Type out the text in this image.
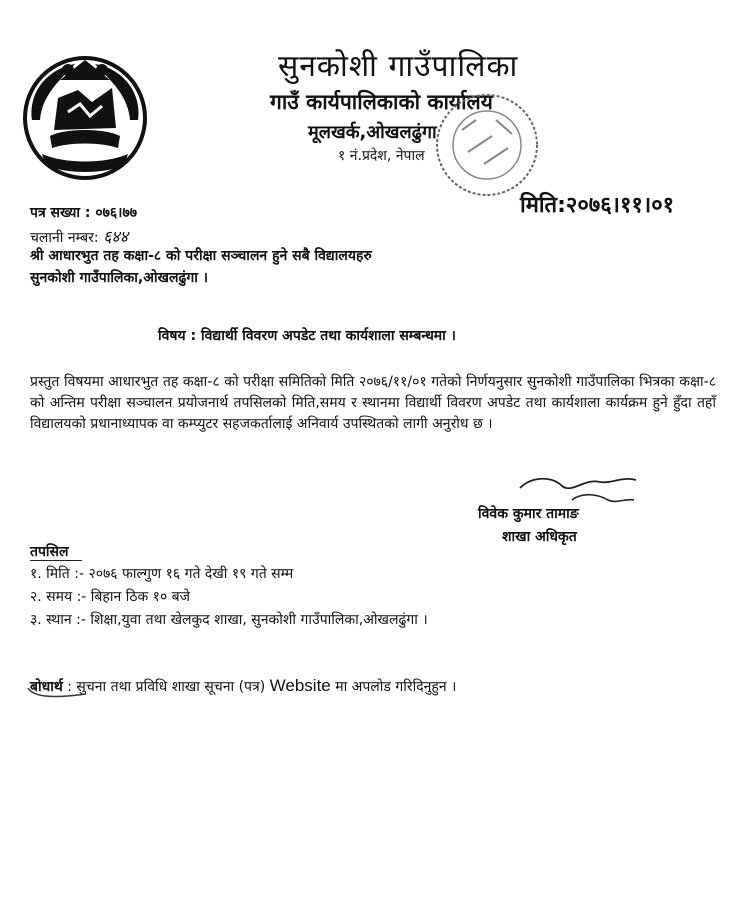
सुनकोशी गाउँपालिका
गाउँ कार्यपालिकाको कार्यालय
मूलखर्क,ओखलढुंगा
१ नं.प्रदेश, नेपाल
पत्र सख्या : ०७६।७७
चलानी नम्बर: ६४४
मिति:२०७६।११।०१
श्री आधारभुत तह कक्षा-८ को परीक्षा सञ्चालन हुने सबै विद्यालयहरु
सुनकोशी गाउँपालिका,ओखलढुंगा ।
विषय : विद्यार्थी विवरण अपडेट तथा कार्यशाला सम्बन्धमा ।
प्रस्तुत विषयमा आधारभुत तह कक्षा-८ को परीक्षा समितिको मिति २०७६/११/०१ गतेको निर्णयनुसार सुनकोशी गाउँपालिका भित्रका कक्षा-८ को अन्तिम परीक्षा सञ्चालन प्रयोजनार्थ तपसिलको मिति,समय र स्थानमा विद्यार्थी विवरण अपडेट तथा कार्यशाला कार्यक्रम हुने हुँदा तहाँ विद्यालयको प्रधानाध्यापक वा कम्प्युटर सहजकर्तालाई अनिवार्य उपस्थितको लागी अनुरोध छ ।
विवेक कुमार तामाङ
शाखा अधिकृत
तपसिल
१. मिति :- २०७६ फाल्गुण १६ गते देखी १९ गते सम्म
२. समय :- बिहान ठिक १० बजे
३. स्थान :- शिक्षा,युवा तथा खेलकुद शाखा, सुनकोशी गाउँपालिका,ओखलढुंगा ।
बोधार्थ : सुचना तथा प्रविधि शाखा सूचना (पत्र) Website मा अपलोड गरिदिनुहुन ।
